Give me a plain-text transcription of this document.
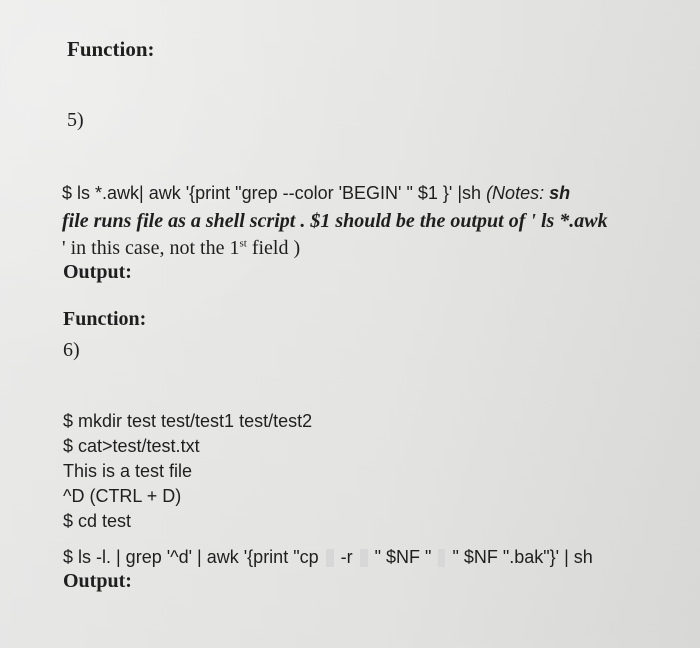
Function:
5)
$ ls *.awk| awk '{print "grep --color 'BEGIN' " $1 }' |sh (Notes: sh
file runs file as a shell script . $1 should be the output of ' ls *.awk
' in this case, not the 1st field )
Output:
Function:
6)
$ mkdir test test/test1 test/test2
$ cat>test/test.txt
This is a test file
^D (CTRL + D)
$ cd test
$ ls -l. | grep '^d' | awk '{print "cp  -r  " $NF " " $NF ".bak"}' | sh
Output:
